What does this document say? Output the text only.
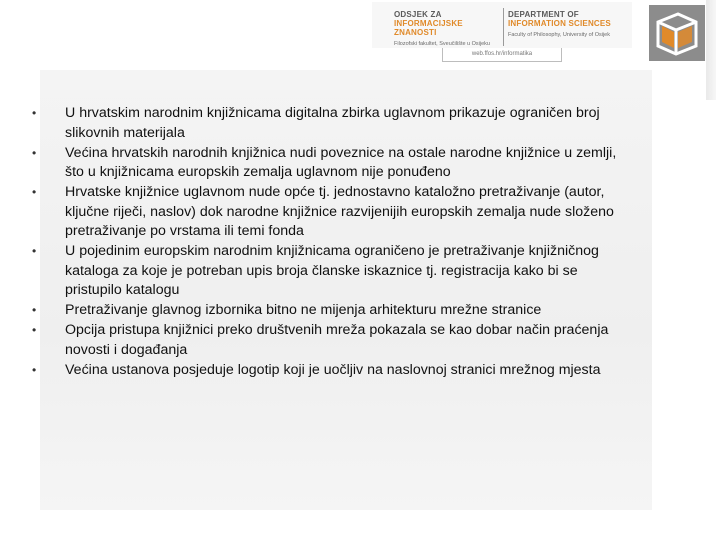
ODSJEK ZA
INFORMACIJSKE ZNANOSTI
Filozofski fakultet, Sveučilište u Osijeku
DEPARTMENT OF
INFORMATION SCIENCES
Faculty of Philosophy, University of Osijek
web.ffos.hr/informatika
• U hrvatskim narodnim knjižnicama digitalna zbirka uglavnom prikazuje ograničen broj slikovnih materijala
• Većina hrvatskih narodnih knjižnica nudi poveznice na ostale narodne knjižnice u zemlji, što u knjižnicama europskih zemalja uglavnom nije ponuđeno
• Hrvatske knjižnice uglavnom nude opće tj. jednostavno kataložno pretraživanje (autor, ključne riječi, naslov) dok narodne knjižnice razvijenijih europskih zemalja nude složeno pretraživanje po vrstama ili temi fonda
• U pojedinim europskim narodnim knjižnicama ograničeno je pretraživanje knjižničnog kataloga za koje je potreban upis broja članske iskaznice tj. registracija kako bi se pristupilo katalogu
• Pretraživanje glavnog izbornika bitno ne mijenja arhitekturu mrežne stranice
• Opcija pristupa knjižnici preko društvenih mreža pokazala se kao dobar način praćenja novosti i događanja
• Većina ustanova posjeduje logotip koji je uočljiv na naslovnoj stranici mrežnog mjesta
